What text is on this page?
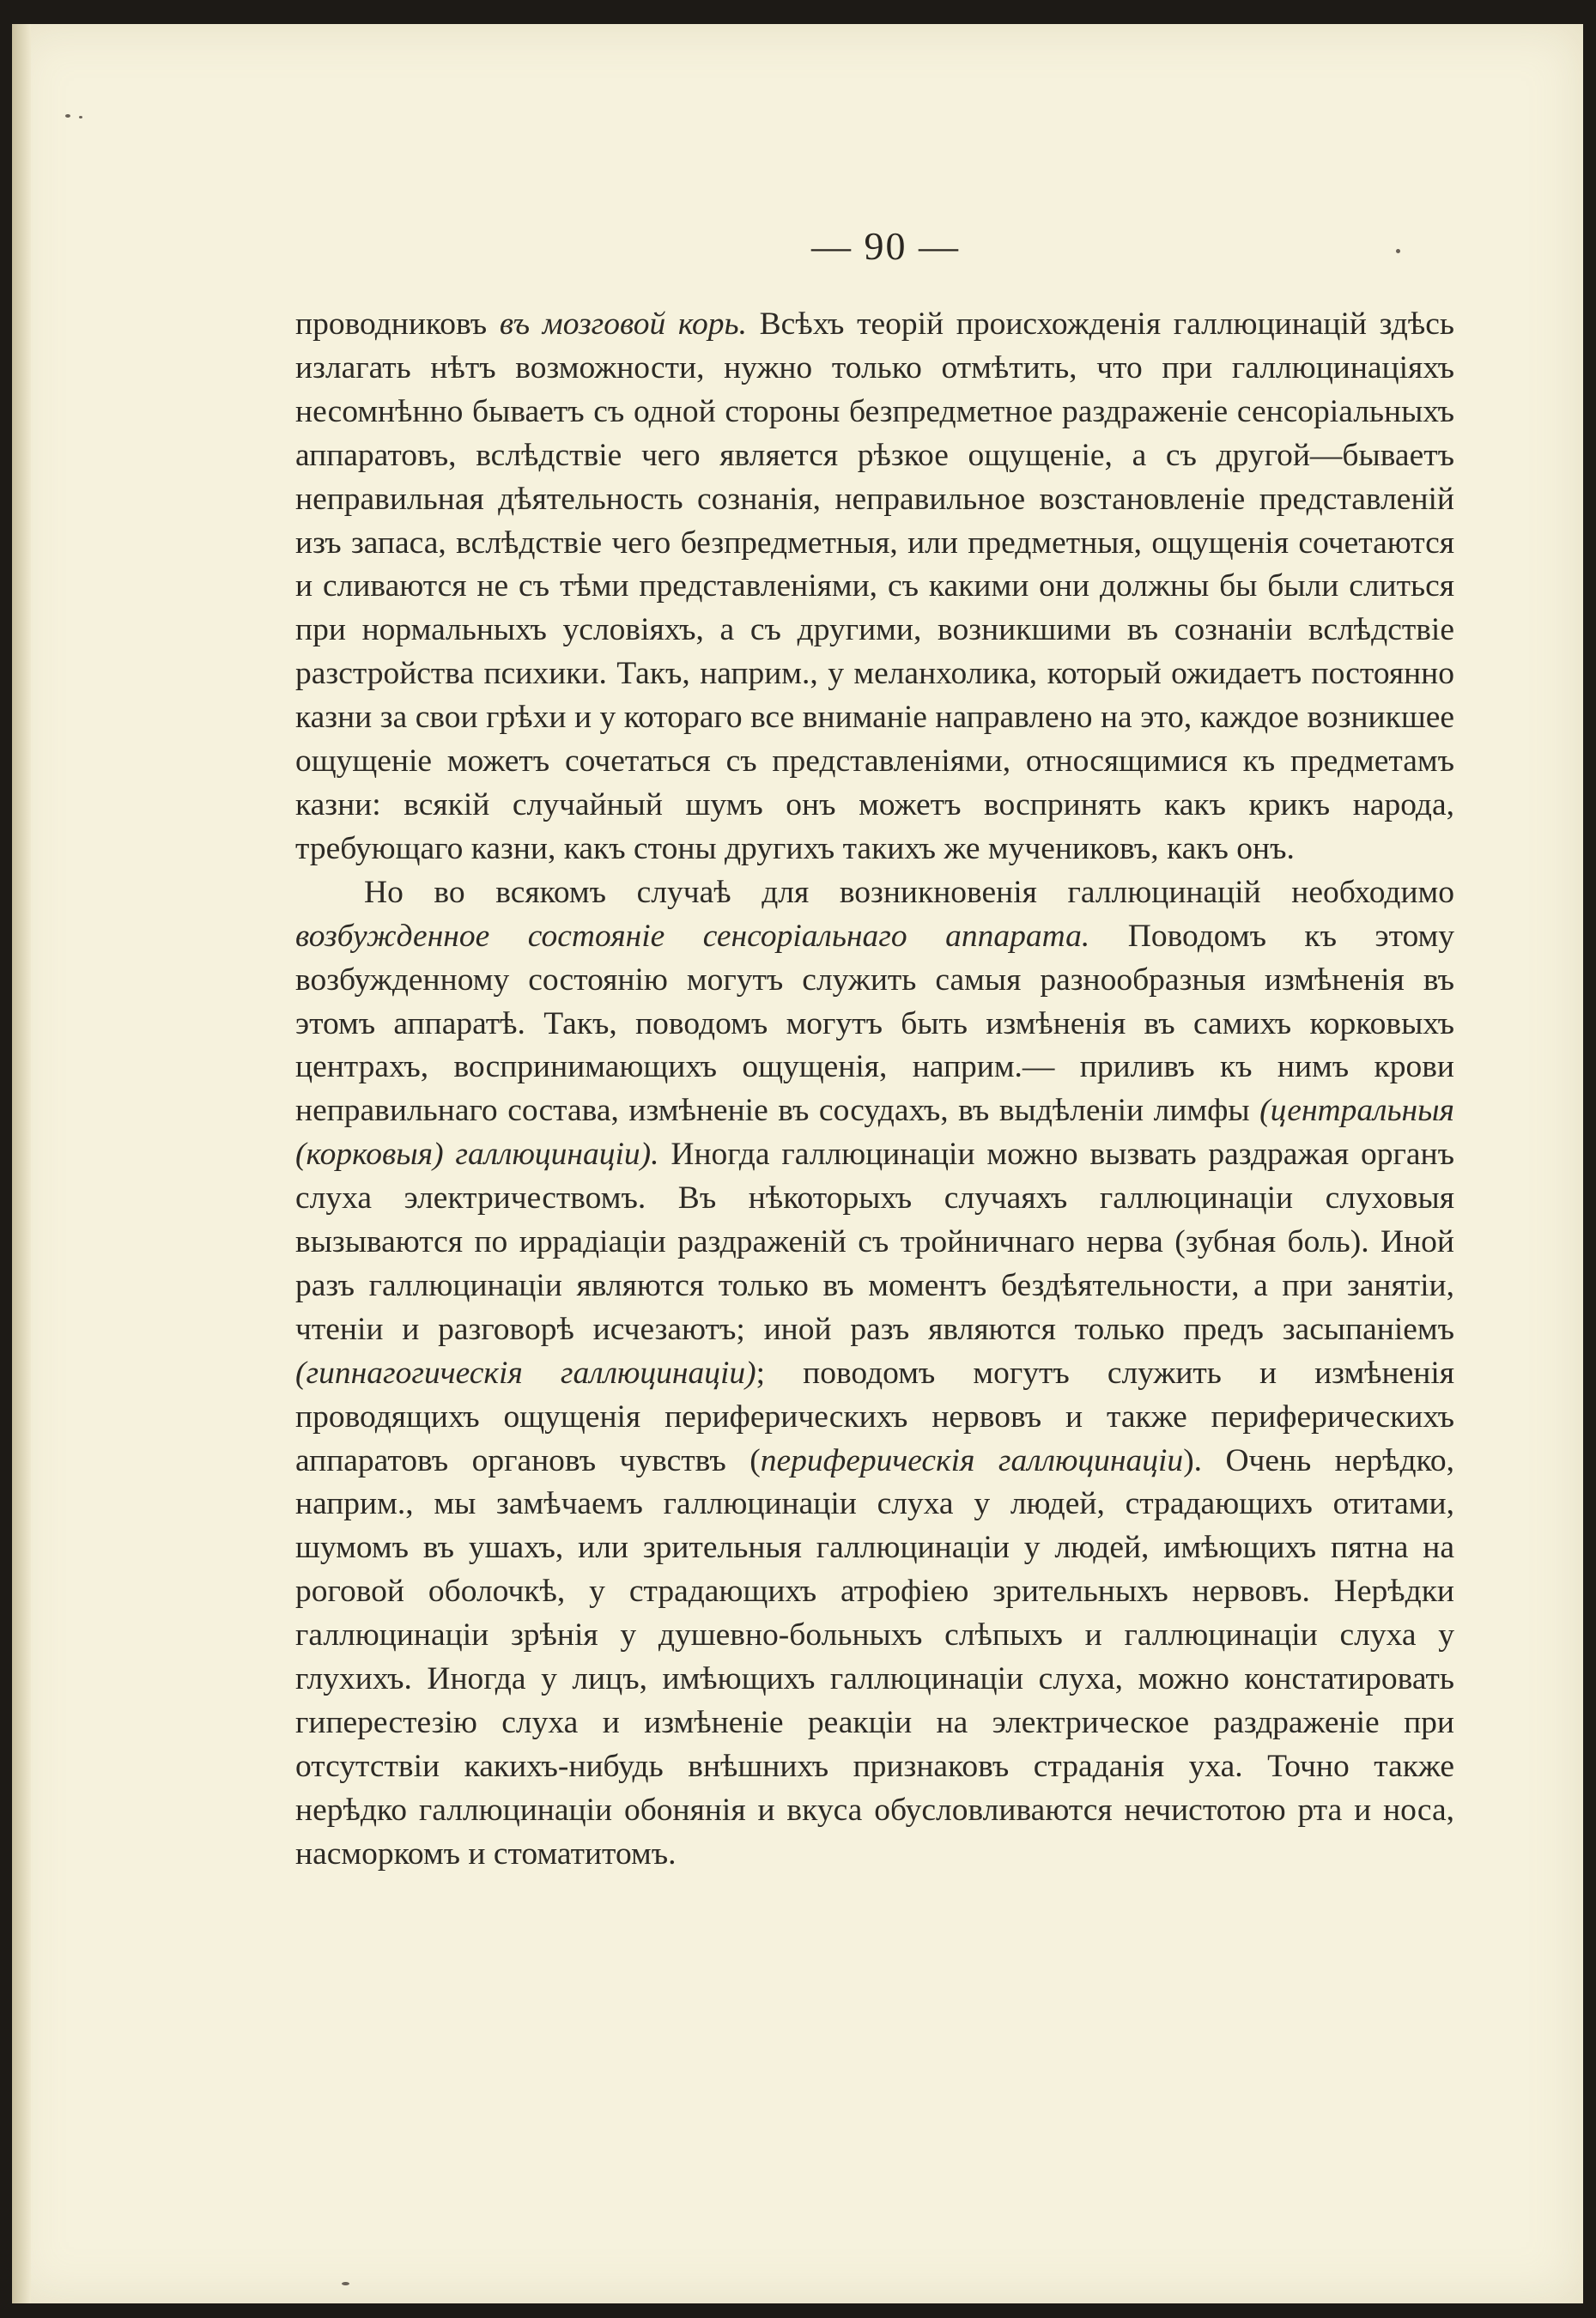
— 90 —

проводниковъ въ мозговой корь. Всѣхъ теорій происхожденія галлюцинацій здѣсь излагать нѣтъ возможности, нужно только отмѣтить, что при галлюцинаціяхъ несомнѣнно бываетъ съ одной стороны безпредметное раздраженіе сенсоріальныхъ аппаратовъ, вслѣдствіе чего является рѣзкое ощущеніе, а съ другой—бываетъ неправильная дѣятельность сознанія, неправильное возстановленіе представленій изъ запаса, вслѣдствіе чего безпредметныя, или предметныя, ощущенія сочетаются и сливаются не съ тѣми представленіями, съ какими они должны бы были слиться при нормальныхъ условіяхъ, а съ другими, возникшими въ сознаніи вслѣдствіе разстройства психики. Такъ, наприм., у меланхолика, который ожидаетъ постоянно казни за свои грѣхи и у котораго все вниманіе направлено на это, каждое возникшее ощущеніе можетъ сочетаться съ представленіями, относящимися къ предметамъ казни: всякій случайный шумъ онъ можетъ воспринять какъ крикъ народа, требующаго казни, какъ стоны другихъ такихъ же мучениковъ, какъ онъ.

Но во всякомъ случаѣ для возникновенія галлюцинацій необходимо возбужденное состояніе сенсоріальнаго аппарата. Поводомъ къ этому возбужденному состоянію могутъ служить самыя разнообразныя измѣненія въ этомъ аппаратѣ. Такъ, поводомъ могутъ быть измѣненія въ самихъ корковыхъ центрахъ, воспринимающихъ ощущенія, наприм.— приливъ къ нимъ крови неправильнаго состава, измѣненіе въ сосудахъ, въ выдѣленіи лимфы (центральныя (корковыя) галлюцинаціи). Иногда галлюцинаціи можно вызвать раздражая органъ слуха электричествомъ. Въ нѣкоторыхъ случаяхъ галлюцинаціи слуховыя вызываются по иррадіаціи раздраженій съ тройничнаго нерва (зубная боль). Иной разъ галлюцинаціи являются только въ моментъ бездѣятельности, а при занятіи, чтеніи и разговорѣ исчезаютъ; иной разъ являются только предъ засыпаніемъ (гипнагогическія галлюцинаціи); поводомъ могутъ служить и измѣненія проводящихъ ощущенія периферическихъ нервовъ и также периферическихъ аппаратовъ органовъ чувствъ (периферическія галлюцинаціи). Очень нерѣдко, наприм., мы замѣчаемъ галлюцинаціи слуха у людей, страдающихъ отитами, шумомъ въ ушахъ, или зрительныя галлюцинаціи у людей, имѣющихъ пятна на роговой оболочкѣ, у страдающихъ атрофіею зрительныхъ нервовъ. Нерѣдки галлюцинаціи зрѣнія у душевно-больныхъ слѣпыхъ и галлюцинаціи слуха у глухихъ. Иногда у лицъ, имѣющихъ галлюцинаціи слуха, можно констатировать гиперестезію слуха и измѣненіе реакціи на электрическое раздраженіе при отсутствіи какихъ-нибудь внѣшнихъ признаковъ страданія уха. Точно также нерѣдко галлюцинаціи обонянія и вкуса обусловливаются нечистотою рта и носа, насморкомъ и стоматитомъ.
